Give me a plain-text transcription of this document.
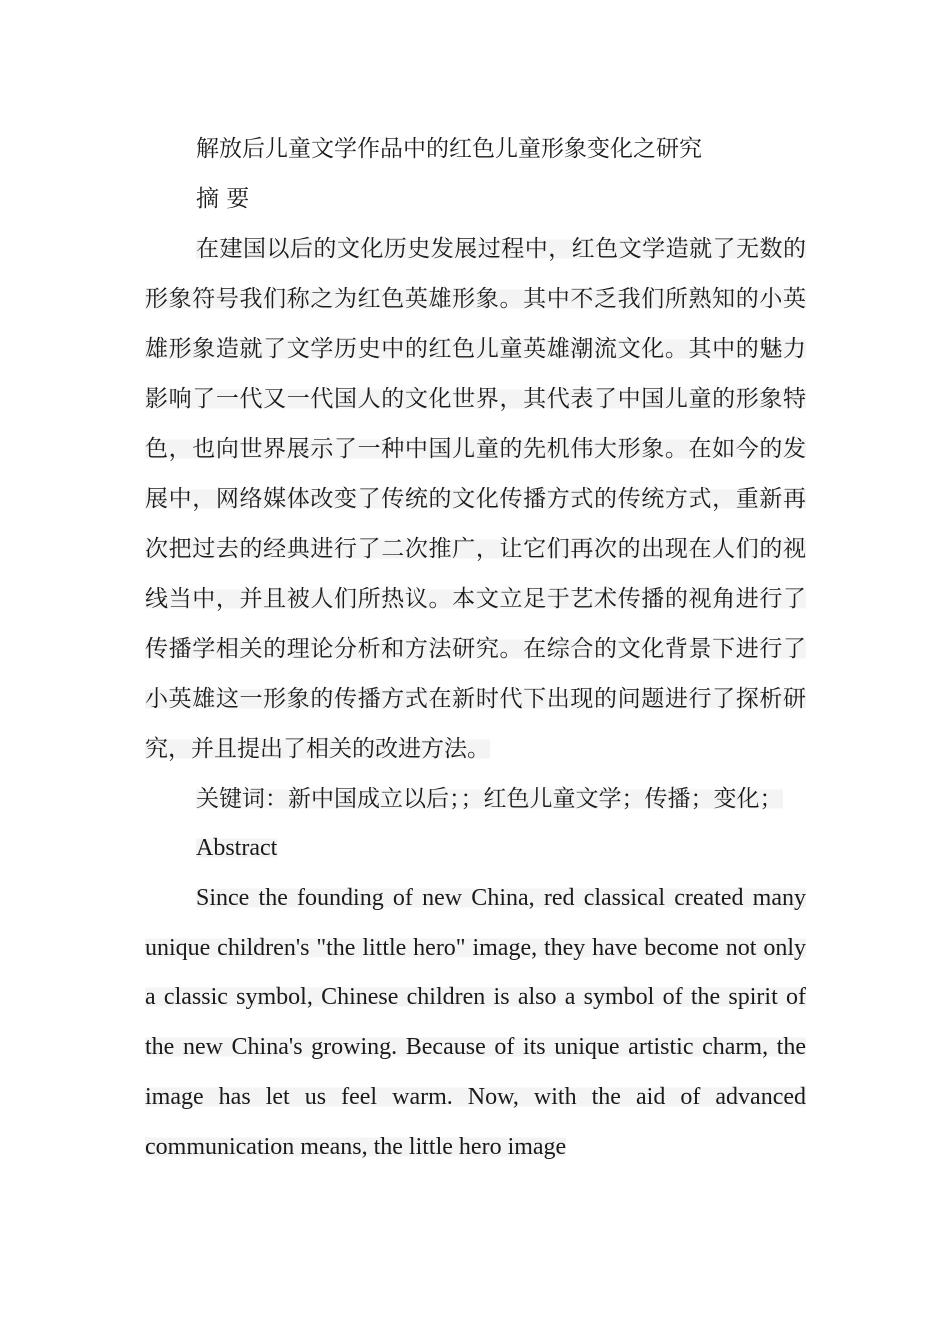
解放后儿童文学作品中的红色儿童形象变化之研究

摘 要

在建国以后的文化历史发展过程中，红色文学造就了无数的形象符号我们称之为红色英雄形象。其中不乏我们所熟知的小英雄形象造就了文学历史中的红色儿童英雄潮流文化。其中的魅力影响了一代又一代国人的文化世界，其代表了中国儿童的形象特色，也向世界展示了一种中国儿童的先机伟大形象。在如今的发展中，网络媒体改变了传统的文化传播方式的传统方式，重新再次把过去的经典进行了二次推广，让它们再次的出现在人们的视线当中，并且被人们所热议。本文立足于艺术传播的视角进行了传播学相关的理论分析和方法研究。在综合的文化背景下进行了小英雄这一形象的传播方式在新时代下出现的问题进行了探析研究，并且提出了相关的改进方法。

关键词：新中国成立以后；；红色儿童文学；传播；变化；

Abstract

Since the founding of new China, red classical created many unique children's "the little hero" image, they have become not only a classic symbol, Chinese children is also a symbol of the spirit of the new China's growing. Because of its unique artistic charm, the image has let us feel warm. Now, with the aid of advanced communication means, the little hero image
